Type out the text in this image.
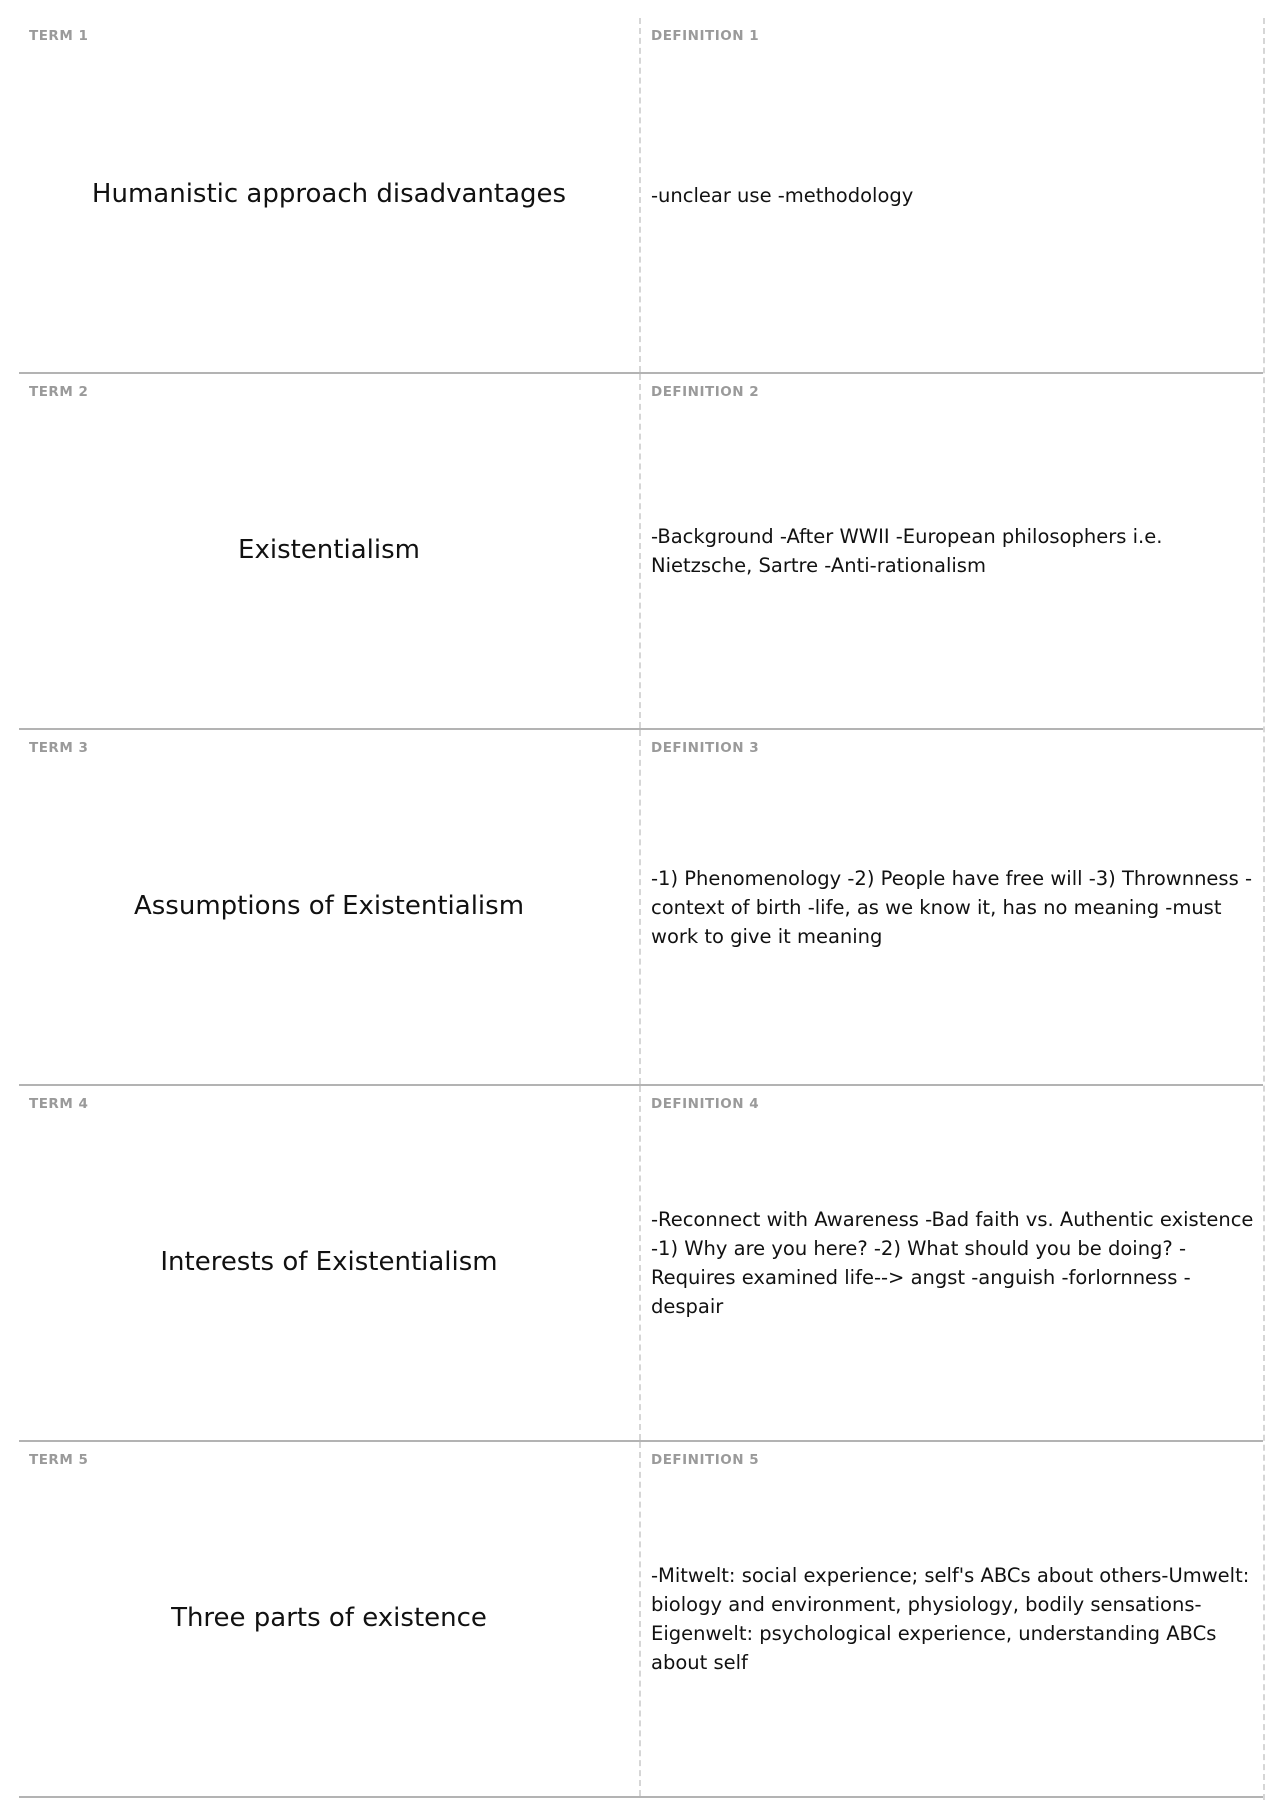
TERM 1
Humanistic approach disadvantages
DEFINITION 1
-unclear use -methodology
TERM 2
Existentialism
DEFINITION 2
-Background -After WWII -European philosophers i.e. Nietzsche, Sartre -Anti-rationalism
TERM 3
Assumptions of Existentialism
DEFINITION 3
-1) Phenomenology -2) People have free will -3) Thrownness -context of birth -life, as we know it, has no meaning -must work to give it meaning
TERM 4
Interests of Existentialism
DEFINITION 4
-Reconnect with Awareness -Bad faith vs. Authentic existence -1) Why are you here? -2) What should you be doing? -Requires examined life--> angst -anguish -forlornness -despair
TERM 5
Three parts of existence
DEFINITION 5
-Mitwelt: social experience; self's ABCs about others-Umwelt: biology and environment, physiology, bodily sensations-Eigenwelt: psychological experience, understanding ABCs about self
